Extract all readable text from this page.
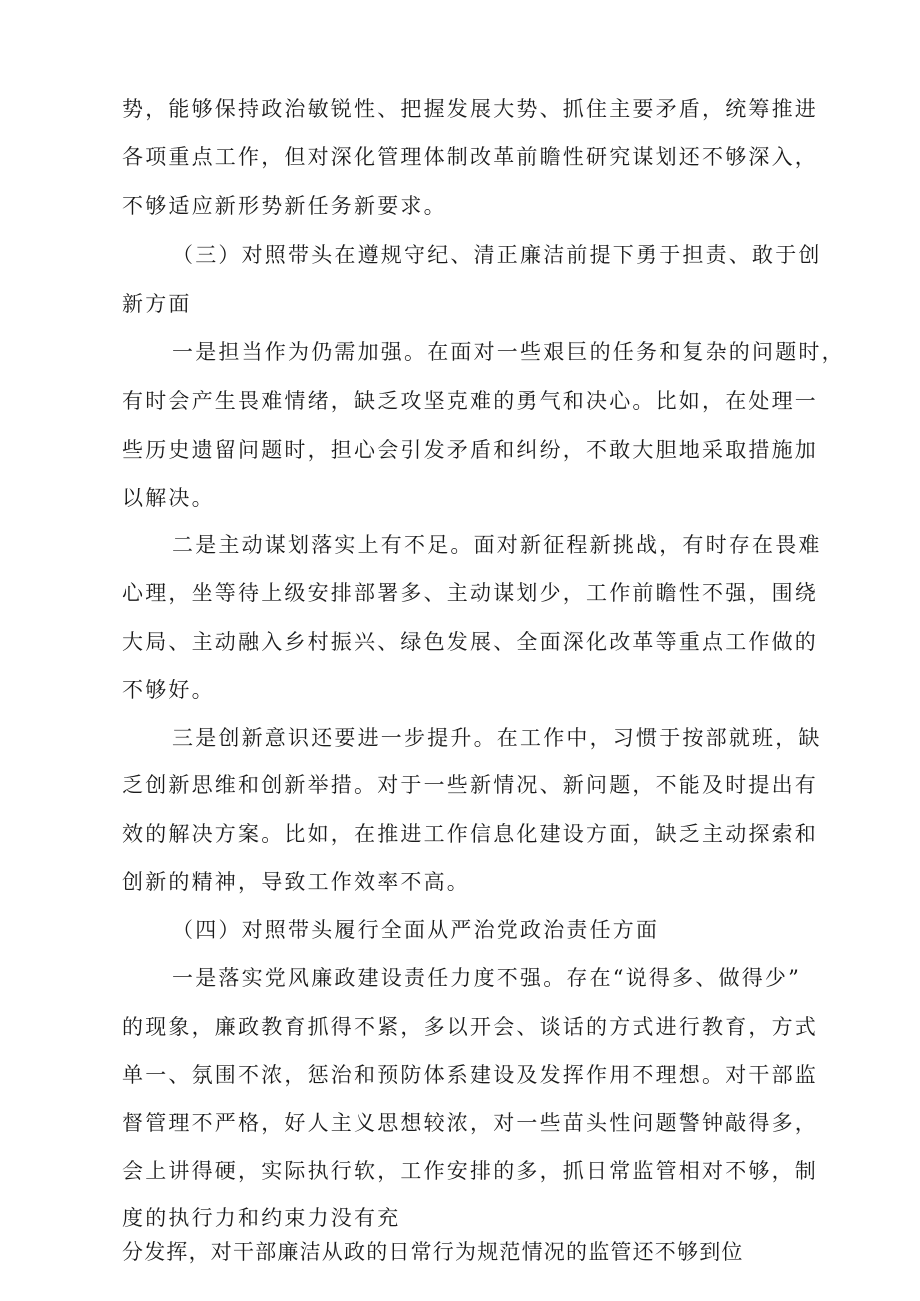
势，能够保持政治敏锐性、把握发展大势、抓住主要矛盾，统筹推进

各项重点工作，但对深化管理体制改革前瞻性研究谋划还不够深入，

不够适应新形势新任务新要求。

（三）对照带头在遵规守纪、清正廉洁前提下勇于担责、敢于创

新方面

一是担当作为仍需加强。在面对一些艰巨的任务和复杂的问题时，

有时会产生畏难情绪，缺乏攻坚克难的勇气和决心。比如，在处理一

些历史遗留问题时，担心会引发矛盾和纠纷，不敢大胆地采取措施加

以解决。

二是主动谋划落实上有不足。面对新征程新挑战，有时存在畏难

心理，坐等待上级安排部署多、主动谋划少，工作前瞻性不强，围绕

大局、主动融入乡村振兴、绿色发展、全面深化改革等重点工作做的

不够好。

三是创新意识还要进一步提升。在工作中，习惯于按部就班，缺

乏创新思维和创新举措。对于一些新情况、新问题，不能及时提出有

效的解决方案。比如，在推进工作信息化建设方面，缺乏主动探索和

创新的精神，导致工作效率不高。

（四）对照带头履行全面从严治党政治责任方面

一是落实党风廉政建设责任力度不强。存在“说得多、做得少”

的现象，廉政教育抓得不紧，多以开会、谈话的方式进行教育，方式

单一、氛围不浓，惩治和预防体系建设及发挥作用不理想。对干部监

督管理不严格，好人主义思想较浓，对一些苗头性问题警钟敲得多，

会上讲得硬，实际执行软，工作安排的多，抓日常监管相对不够，制

度的执行力和约束力没有充

分发挥，对干部廉洁从政的日常行为规范情况的监管还不够到位
